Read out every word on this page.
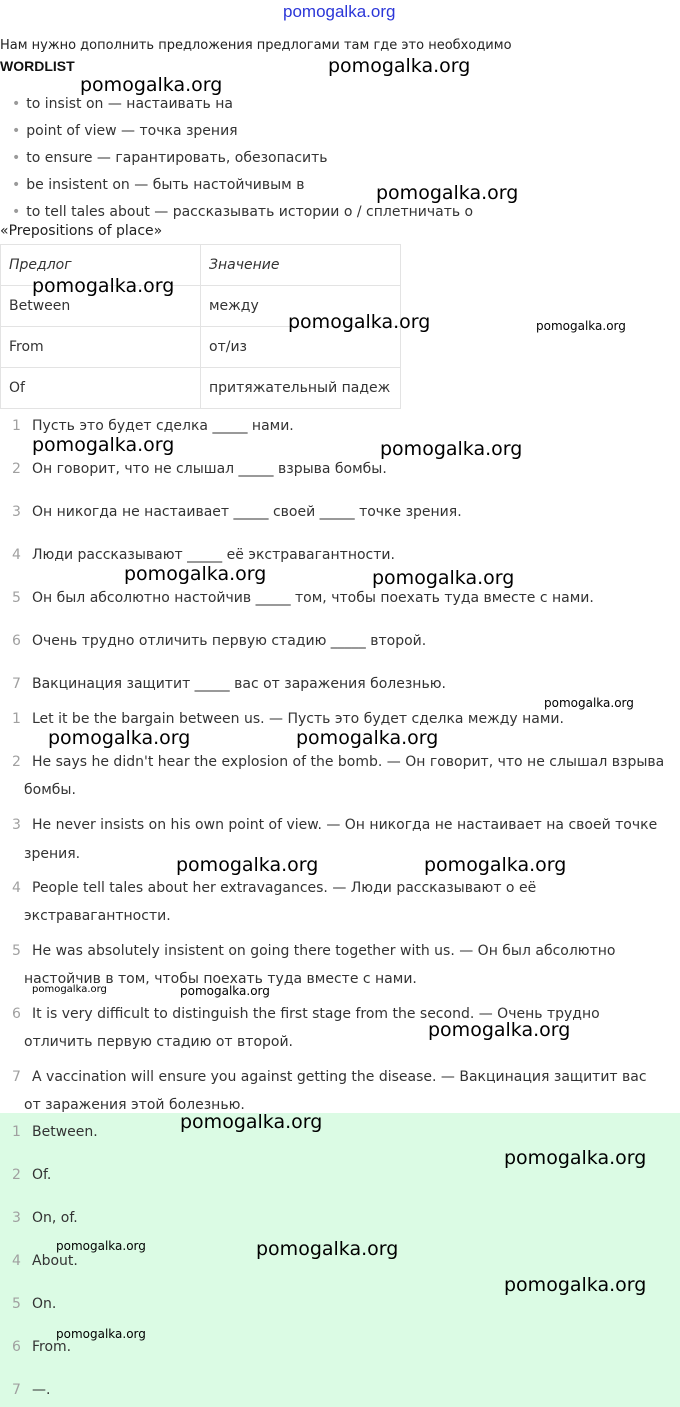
pomogalka.org
Нам нужно дополнить предложения предлогами там где это необходимо
WORDLIST
• to insist on — настаивать на
• point of view — точка зрения
• to ensure — гарантировать, обезопасить
• be insistent on — быть настойчивым в
• to tell tales about — рассказывать истории о / сплетничать о
«Prepositions of place»
Предлог	Значение
Between	между
From	от/из
Of	притяжательный падеж
1 Пусть это будет сделка _____ нами.
2 Он говорит, что не слышал _____ взрыва бомбы.
3 Он никогда не настаивает _____ своей _____ точке зрения.
4 Люди рассказывают _____ её экстравагантности.
5 Он был абсолютно настойчив _____ том, чтобы поехать туда вместе с нами.
6 Очень трудно отличить первую стадию _____ второй.
7 Вакцинация защитит _____ вас от заражения болезнью.
1 Let it be the bargain between us. — Пусть это будет сделка между нами.
2 He says he didn't hear the explosion of the bomb. — Он говорит, что не слышал взрыва
бомбы.
3 He never insists on his own point of view. — Он никогда не настаивает на своей точке
зрения.
4 People tell tales about her extravagances. — Люди рассказывают о её
экстравагантности.
5 He was absolutely insistent on going there together with us. — Он был абсолютно
настойчив в том, чтобы поехать туда вместе с нами.
6 It is very difficult to distinguish the first stage from the second. — Очень трудно
отличить первую стадию от второй.
7 A vaccination will ensure you against getting the disease. — Вакцинация защитит вас
от заражения этой болезнью.
1 Between.
2 Of.
3 On, of.
4 About.
5 On.
6 From.
7 —.
pomogalka.org
pomogalka.org
pomogalka.org
pomogalka.org
pomogalka.org	pomogalka.org
pomogalka.org	pomogalka.org
pomogalka.org	pomogalka.org
pomogalka.org
pomogalka.org	pomogalka.org
pomogalka.org	pomogalka.org
pomogalka.org	pomogalka.org
pomogalka.org
pomogalka.org
pomogalka.org
pomogalka.org	pomogalka.org
pomogalka.org
pomogalka.org
